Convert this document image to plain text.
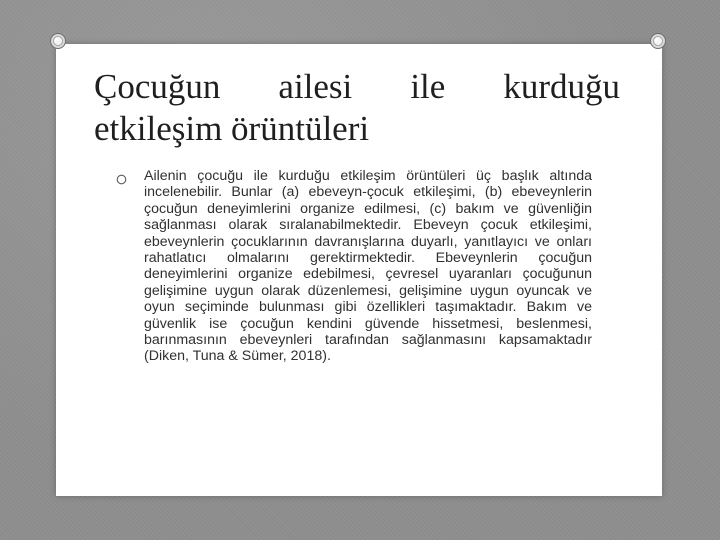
Çocuğun ailesi ile kurduğu
etkileşim örüntüleri

Ailenin çocuğu ile kurduğu etkileşim örüntüleri üç başlık altında incelenebilir. Bunlar (a) ebeveyn-çocuk etkileşimi, (b) ebeveynlerin çocuğun deneyimlerini organize edilmesi, (c) bakım ve güvenliğin sağlanması olarak sıralanabilmektedir. Ebeveyn çocuk etkileşimi, ebeveynlerin çocuklarının davranışlarına duyarlı, yanıtlayıcı ve onları rahatlatıcı olmalarını gerektirmektedir. Ebeveynlerin çocuğun deneyimlerini organize edebilmesi, çevresel uyaranları çocuğunun gelişimine uygun olarak düzenlemesi, gelişimine uygun oyuncak ve oyun seçiminde bulunması gibi özellikleri taşımaktadır. Bakım ve güvenlik ise çocuğun kendini güvende hissetmesi, beslenmesi, barınmasının ebeveynleri tarafından sağlanmasını kapsamaktadır (Diken, Tuna & Sümer, 2018).
